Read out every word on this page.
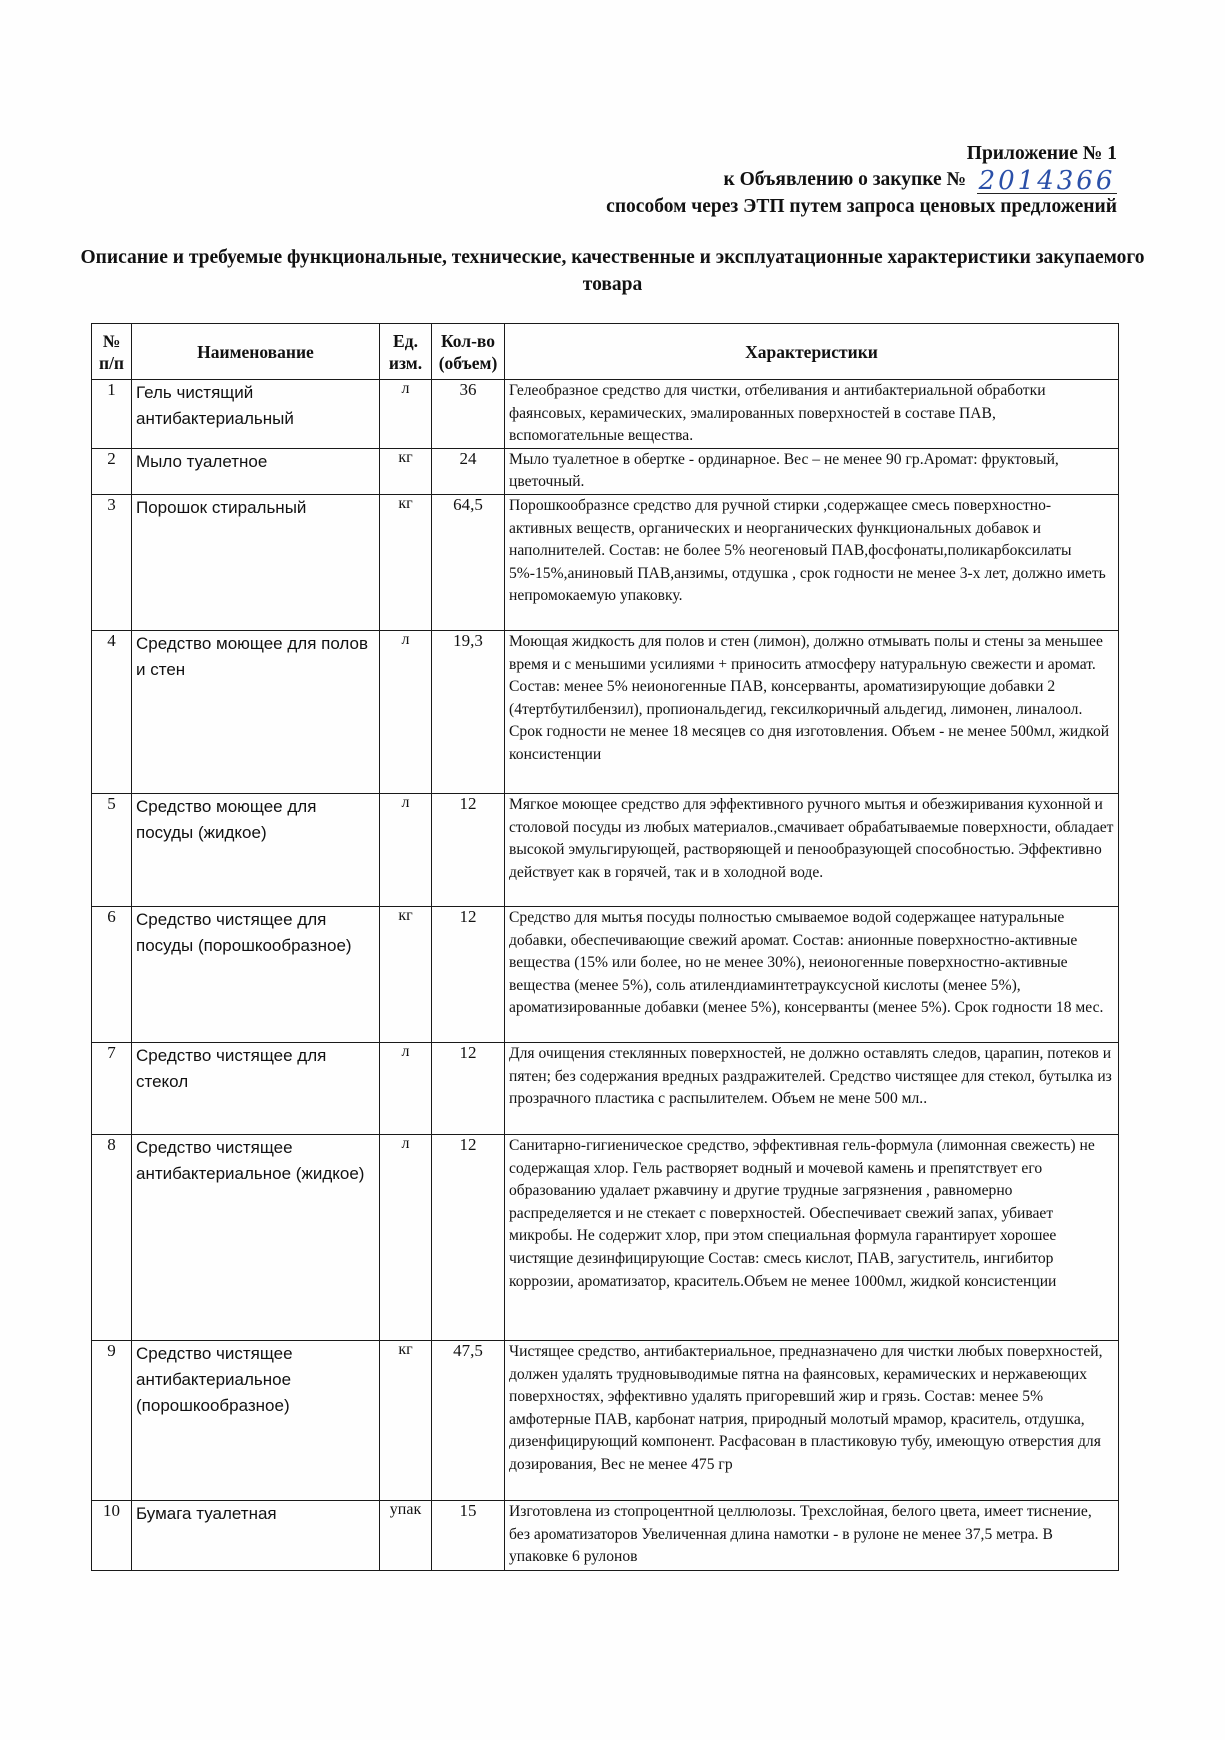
Приложение № 1
к Объявлению о закупке № 2014366
способом через ЭТП путем запроса ценовых предложений
Описание и требуемые функциональные, технические, качественные и эксплуатационные характеристики закупаемого товара
№ п/п	Наименование	Ед. изм.	Кол-во (объем)	Характеристики
1	Гель чистящий антибактериальный	л	36	Гелеобразное средство для чистки, отбеливания и антибактериальной обработки фаянсовых, керамических, эмалированных поверхностей в составе ПАВ, вспомогательные вещества.
2	Мыло туалетное	кг	24	Мыло туалетное в обертке - ординарное. Вес – не менее 90 гр.Аромат: фруктовый, цветочный.
3	Порошок стиральный	кг	64,5	Порошкообразнсе средство для ручной стирки ,содержащее смесь поверхностно-активных веществ, органических и неорганических функциональных добавок и наполнителей. Состав: не более 5% неогеновый ПАВ,фосфонаты,поликарбоксилаты 5%-15%,аниновый ПАВ,анзимы, отдушка , срок годности не менее 3-х лет, должно иметь непромокаемую упаковку.
4	Средство моющее для полов и стен	л	19,3	Моющая жидкость для полов и стен (лимон), должно отмывать полы и стены за меньшее время и с меньшими усилиями + приносить атмосферу натуральную свежести и аромат. Состав: менее 5% неионогенные ПАВ, консерванты, ароматизирующие добавки 2 (4тертбутилбензил), пропиональдегид, гексилкоричный альдегид, лимонен, линалоол. Срок годности не менее 18 месяцев со дня изготовления. Объем - не менее 500мл, жидкой консистенции
5	Средство моющее для посуды (жидкое)	л	12	Мягкое моющее средство для эффективного ручного мытья и обезжиривания кухонной и столовой посуды из любых материалов.,смачивает обрабатываемые поверхности, обладает высокой эмульгирующей, растворяющей и пенообразующей способностью. Эффективно действует как в горячей, так и в холодной воде.
6	Средство чистящее для посуды (порошкообразное)	кг	12	Средство для мытья посуды полностью смываемое водой содержащее натуральные добавки, обеспечивающие свежий аромат. Состав: анионные поверхностно-активные вещества (15% или более, но не менее 30%), неионогенные поверхностно-активные вещества (менее 5%), соль атилендиаминтетрауксусной кислоты (менее 5%), ароматизированные добавки (менее 5%), консерванты (менее 5%). Срок годности 18 мес.
7	Средство чистящее для стекол	л	12	Для очищения стеклянных поверхностей, не должно оставлять следов, царапин, потеков и пятен; без содержания вредных раздражителей. Средство чистящее для стекол, бутылка из прозрачного пластика с распылителем. Объем не мене 500 мл..
8	Средство чистящее антибактериальное (жидкое)	л	12	Санитарно-гигиеническое средство, эффективная гель-формула (лимонная свежесть) не содержащая хлор. Гель растворяет водный и мочевой камень и препятствует его образованию удалает ржавчину и другие трудные загрязнения , равномерно распределяется и не стекает с поверхностей. Обеспечивает свежий запах, убивает микробы. Не содержит хлор, при этом специальная формула гарантирует хорошее чистящие дезинфицирующие Состав: смесь кислот, ПАВ, загуститель, ингибитор коррозии, ароматизатор, краситель.Объем не менее 1000мл, жидкой консистенции
9	Средство чистящее антибактериальное (порошкообразное)	кг	47,5	Чистящее средство, антибактериальное, предназначено для чистки любых поверхностей, должен удалять трудновыводимые пятна на фаянсовых, керамических и нержавеющих поверхностях, эффективно удалять пригоревший жир и грязь. Состав: менее 5% амфотерные ПАВ, карбонат натрия, природный молотый мрамор, краситель, отдушка, дизенфицирующий компонент. Расфасован в пластиковую тубу, имеющую отверстия для дозирования, Вес не менее 475 гр
10	Бумага туалетная	упак	15	Изготовлена из стопроцентной целлюлозы. Трехслойная, белого цвета, имеет тиснение, без ароматизаторов Увеличенная длина намотки - в рулоне не менее 37,5 метра. В упаковке 6 рулонов
